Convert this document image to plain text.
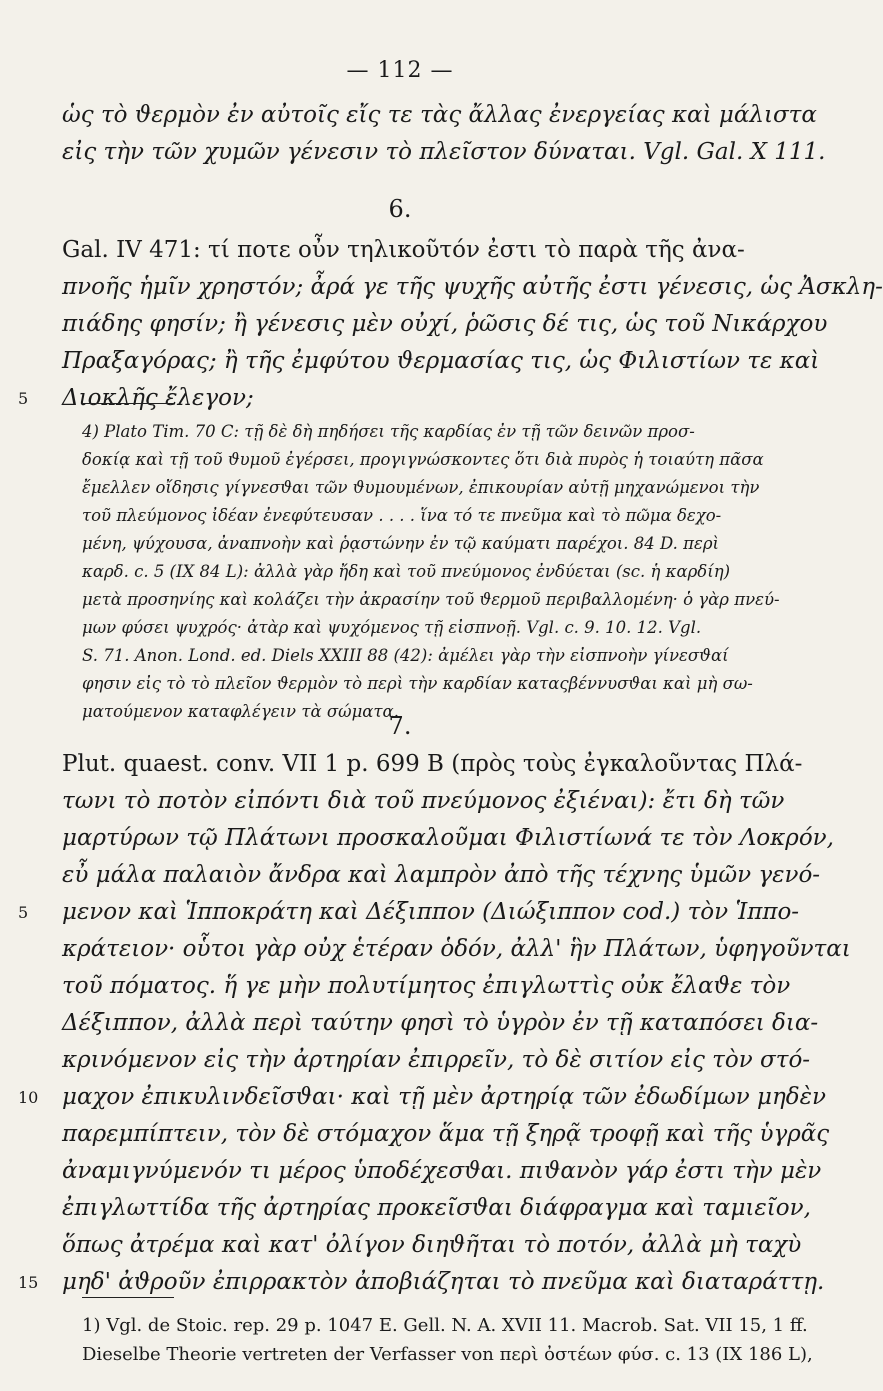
— 112 —
ὡς τὸ ϑερμὸν ἐν αὐτοῖς εἴς τε τὰς ἄλλας ἐνεργείας καὶ μάλιστα
εἰς τὴν τῶν χυμῶν γένεσιν τὸ πλεῖστον δύναται. Vgl. Gal. X 111.
6.
Gal. IV 471: τί ποτε οὖν τηλικοῦτόν ἐστι τὸ παρὰ τῆς ἀνα-
πνοῆς ἡμῖν χρηστόν; ἆρά γε τῆς ψυχῆς αὐτῆς ἐστι γένεσις, ὡς Ἀσκλη-
πιάδης φησίν; ἢ γένεσις μὲν οὐχί, ῥῶσις δέ τις, ὡς τοῦ Νικάρχου
Πραξαγόρας; ἢ τῆς ἐμφύτου ϑερμασίας τις, ὡς Φιλιστίων τε καὶ
5 Διοκλῆς ἔλεγον;
4) Plato Tim. 70 C: τῇ δὲ δὴ πηδήσει τῆς καρδίας ἐν τῇ τῶν δεινῶν προσ-
δοκίᾳ καὶ τῇ τοῦ ϑυμοῦ ἐγέρσει, προγιγνώσκοντες ὅτι διὰ πυρὸς ἡ τοιαύτη πᾶσα
ἔμελλεν οἴδησις γίγνεσϑαι τῶν ϑυμουμένων, ἐπικουρίαν αὐτῇ μηχανώμενοι τὴν
τοῦ πλεύμονος ἰδέαν ἐνεφύτευσαν . . . . ἵνα τό τε πνεῦμα καὶ τὸ πῶμα δεχο-
μένη, ψύχουσα, ἀναπνοὴν καὶ ῥᾳστώνην ἐν τῷ καύματι παρέχοι. 84 D. περὶ
καρδ. c. 5 (IX 84 L): ἀλλὰ γὰρ ἤδη καὶ τοῦ πνεύμονος ἐνδύεται (sc. ἡ καρδίη)
μετὰ προσηνίης καὶ κολάζει τὴν ἀκρασίην τοῦ ϑερμοῦ περιβαλλομένη· ὁ γὰρ πνεύ-
μων φύσει ψυχρός· ἀτὰρ καὶ ψυχόμενος τῇ εἰσπνοῇ. Vgl. c. 9. 10. 12. Vgl.
S. 71. Anon. Lond. ed. Diels XXIII 88 (42): ἀμέλει γὰρ τὴν εἰσπνοὴν γίνεσϑαί
φησιν εἰς τὸ τὸ πλεῖον ϑερμὸν τὸ περὶ τὴν καρδίαν καταςβέννυσϑαι καὶ μὴ σω-
ματούμενον καταφλέγειν τὰ σώματα.
7.
Plut. quaest. conv. VII 1 p. 699 B (πρὸς τοὺς ἐγκαλοῦντας Πλά-
τωνι τὸ ποτὸν εἰπόντι διὰ τοῦ πνεύμονος ἐξιέναι): ἔτι δὴ τῶν
μαρτύρων τῷ Πλάτωνι προσκαλοῦμαι Φιλιστίωνά τε τὸν Λοκρόν,
εὖ μάλα παλαιὸν ἄνδρα καὶ λαμπρὸν ἀπὸ τῆς τέχνης ὑμῶν γενό-
5 μενον καὶ Ἱπποκράτη καὶ Δέξιππον (Διώξιππον cod.) τὸν Ἱππο-
κράτειον· οὗτοι γὰρ οὐχ ἑτέραν ὁδόν, ἀλλ' ἣν Πλάτων, ὑφηγοῦνται
τοῦ πόματος. ἥ γε μὴν πολυτίμητος ἐπιγλωττὶς οὐκ ἔλαϑε τὸν
Δέξιππον, ἀλλὰ περὶ ταύτην φησὶ τὸ ὑγρὸν ἐν τῇ καταπόσει δια-
κρινόμενον εἰς τὴν ἀρτηρίαν ἐπιρρεῖν, τὸ δὲ σιτίον εἰς τὸν στό-
10 μαχον ἐπικυλινδεῖσϑαι· καὶ τῇ μὲν ἀρτηρίᾳ τῶν ἐδωδίμων μηδὲν
παρεμπίπτειν, τὸν δὲ στόμαχον ἅμα τῇ ξηρᾷ τροφῇ καὶ τῆς ὑγρᾶς
ἀναμιγνύμενόν τι μέρος ὑποδέχεσϑαι. πιϑανὸν γάρ ἐστι τὴν μὲν
ἐπιγλωττίδα τῆς ἀρτηρίας προκεῖσϑαι διάφραγμα καὶ ταμιεῖον,
ὅπως ἀτρέμα καὶ κατ' ὀλίγον διηϑῆται τὸ ποτόν, ἀλλὰ μὴ ταχὺ
15 μηδ' ἀϑροῦν ἐπιρρακτὸν ἀποβιάζηται τὸ πνεῦμα καὶ διαταράττῃ.
1) Vgl. de Stoic. rep. 29 p. 1047 E. Gell. N. A. XVII 11. Macrob. Sat. VII 15, 1 ff.
Dieselbe Theorie vertreten der Verfasser von περὶ ὀστέων φύσ. c. 13 (IX 186 L),
